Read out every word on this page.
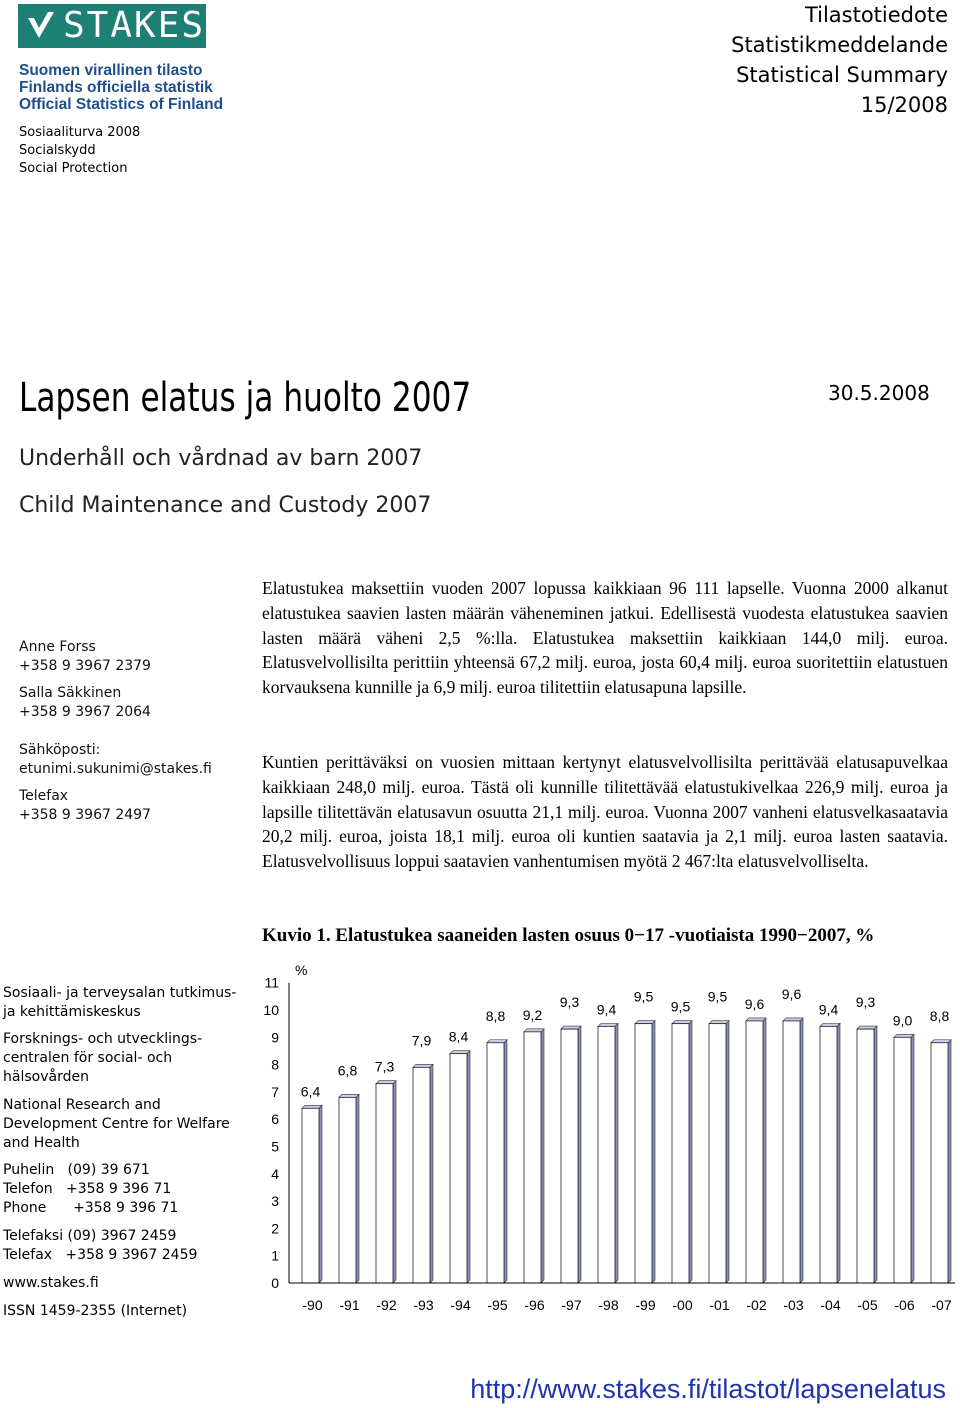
STAKES
Suomen virallinen tilasto
Finlands officiella statistik
Official Statistics of Finland
Sosiaaliturva 2008
Socialskydd
Social Protection
Tilastotiedote
Statistikmeddelande
Statistical Summary
15/2008
Lapsen elatus ja huolto 2007	30.5.2008
Underhåll och vårdnad av barn 2007
Child Maintenance and Custody 2007
Anne Forss
+358 9 3967 2379
Salla Säkkinen
+358 9 3967 2064
Sähköposti:
etunimi.sukunimi@stakes.fi
Telefax
+358 9 3967 2497
Sosiaali- ja terveysalan tutkimus-
ja kehittämiskeskus
Forsknings- och utvecklings-
centralen för social- och
hälsovården
National Research and
Development Centre for Welfare
and Health
Puhelin   (09) 39 671
Telefon   +358 9 396 71
Phone      +358 9 396 71
Telefaksi (09) 3967 2459
Telefax   +358 9 3967 2459
www.stakes.fi
ISSN 1459-2355 (Internet)
Elatustukea maksettiin vuoden 2007 lopussa kaikkiaan 96 111 lapselle. Vuonna 2000 alkanut elatustukea saavien lasten määrän väheneminen jatkui. Edellisestä vuodesta elatustukea saavien lasten määrä väheni 2,5 %:lla. Elatustukea maksettiin kaikkiaan 144,0 milj. euroa. Elatusvelvollisilta perittiin yhteensä 67,2 milj. euroa, josta 60,4 milj. euroa suoritettiin elatustuen korvauksena kunnille ja 6,9 milj. euroa tilitettiin elatusapuna lapsille.
Kuntien perittäväksi on vuosien mittaan kertynyt elatusvelvollisilta perittävää elatusapuvelkaa kaikkiaan 248,0 milj. euroa. Tästä oli kunnille tilitettävää elatustukivelkaa 226,9 milj. euroa ja lapsille tilitettävän elatusavun osuutta 21,1 milj. euroa. Vuonna 2007 vanheni elatusvelkasaatavia 20,2 milj. euroa, joista 18,1 milj. euroa oli kuntien saatavia ja 2,1 milj. euroa lasten saatavia. Elatusvelvollisuus loppui saatavien vanhentumisen myötä 2 467:lta elatusvelvolliselta.
Kuvio 1. Elatustukea saaneiden lasten osuus 0−17 -vuotiaista 1990−2007, %
%
0
1
2
3
4
5
6
7
8
9
10
11
6,4
-90
6,8
-91
7,3
-92
7,9
-93
8,4
-94
8,8
-95
9,2
-96
9,3
-97
9,4
-98
9,5
-99
9,5
-00
9,5
-01
9,6
-02
9,6
-03
9,4
-04
9,3
-05
9,0
-06
8,8
-07
http://www.stakes.fi/tilastot/lapsenelatus
